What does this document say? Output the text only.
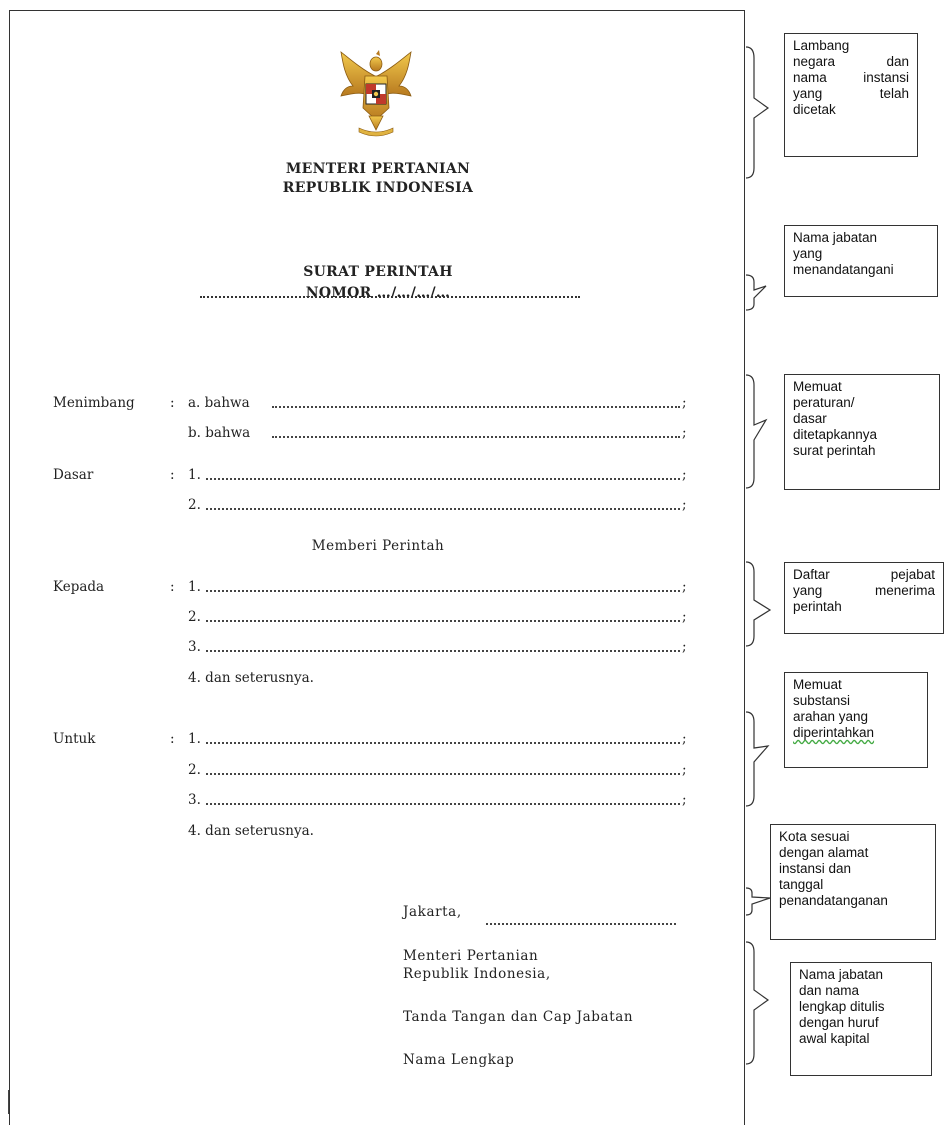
MENTERI PERTANIAN
REPUBLIK INDONESIA
SURAT PERINTAH
NOMOR …/…/…/…
Menimbang	: a. bahwa	;
b. bahwa	;
Dasar	: 1.	;
2.	;
Memberi Perintah
Kepada	: 1.	;
2.	;
3.	;
4. dan seterusnya.
Untuk	: 1.	;
2.	;
3.	;
4. dan seterusnya.
Jakarta,
Menteri Pertanian
Republik Indonesia,
Tanda Tangan dan Cap Jabatan
Nama Lengkap
Lambang
negara dan
nama instansi
yang telah
dicetak
Nama jabatan
yang
menandatangani
Memuat
peraturan/
dasar
ditetapkannya
surat perintah
Daftar pejabat
yang menerima
perintah
Memuat
substansi
arahan yang
diperintahkan
Kota sesuai
dengan alamat
instansi dan
tanggal
penandatanganan
Nama jabatan
dan nama
lengkap ditulis
dengan huruf
awal kapital
